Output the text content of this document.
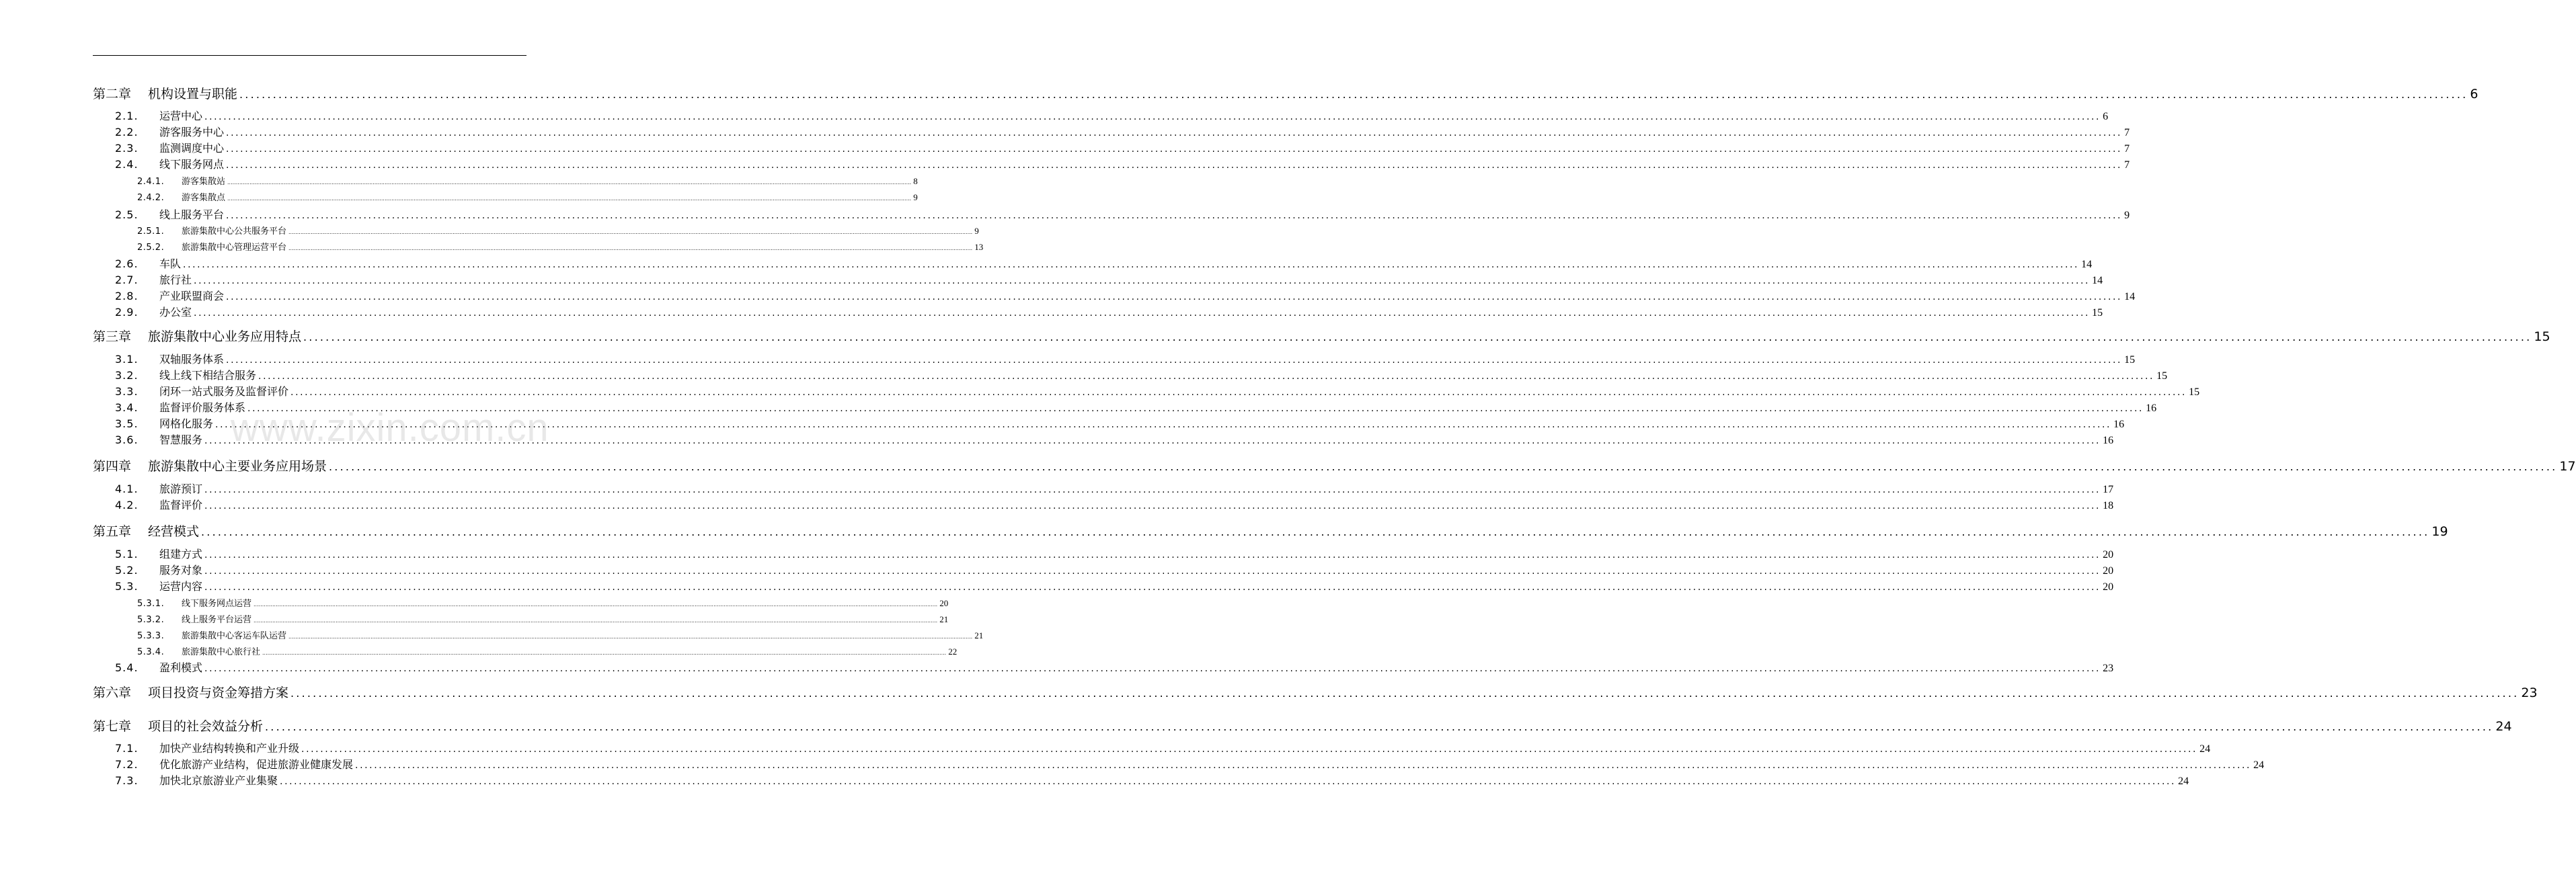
第二章	机构设置与职能 ................................................................................................................................................................................................................................................................................................................................................................................................................ 6
2.1.	运营中心 ................................................................................................................................................................................................................................................................................................................................................................................................................ 6
2.2.	游客服务中心 ................................................................................................................................................................................................................................................................................................................................................................................................................ 7
2.3.	监测调度中心 ................................................................................................................................................................................................................................................................................................................................................................................................................ 7
2.4.	线下服务网点 ................................................................................................................................................................................................................................................................................................................................................................................................................ 7
2.4.1.	游客集散站 ................................................................................................................................................................................................................................................................................................................................................................................................................ 8
2.4.2.	游客集散点 ................................................................................................................................................................................................................................................................................................................................................................................................................ 9
2.5.	线上服务平台 ................................................................................................................................................................................................................................................................................................................................................................................................................ 9
2.5.1.	旅游集散中心公共服务平台 ................................................................................................................................................................................................................................................................................................................................................................................................................ 9
2.5.2.	旅游集散中心管理运营平台 ................................................................................................................................................................................................................................................................................................................................................................................................................ 13
2.6.	车队 ................................................................................................................................................................................................................................................................................................................................................................................................................ 14
2.7.	旅行社 ................................................................................................................................................................................................................................................................................................................................................................................................................ 14
2.8.	产业联盟商会 ................................................................................................................................................................................................................................................................................................................................................................................................................ 14
2.9.	办公室 ................................................................................................................................................................................................................................................................................................................................................................................................................ 15
第三章	旅游集散中心业务应用特点 ................................................................................................................................................................................................................................................................................................................................................................................................................ 15
3.1.	双轴服务体系 ................................................................................................................................................................................................................................................................................................................................................................................................................ 15
3.2.	线上线下相结合服务 ................................................................................................................................................................................................................................................................................................................................................................................................................ 15
3.3.	闭环一站式服务及监督评价 ................................................................................................................................................................................................................................................................................................................................................................................................................ 15
3.4.	监督评价服务体系 ................................................................................................................................................................................................................................................................................................................................................................................................................ 16
3.5.	网格化服务 ................................................................................................................................................................................................................................................................................................................................................................................................................ 16
3.6.	智慧服务 ................................................................................................................................................................................................................................................................................................................................................................................................................ 16
第四章	旅游集散中心主要业务应用场景 ................................................................................................................................................................................................................................................................................................................................................................................................................ 17
4.1.	旅游预订 ................................................................................................................................................................................................................................................................................................................................................................................................................ 17
4.2.	监督评价 ................................................................................................................................................................................................................................................................................................................................................................................................................ 18
第五章	经营模式 ................................................................................................................................................................................................................................................................................................................................................................................................................ 19
5.1.	组建方式 ................................................................................................................................................................................................................................................................................................................................................................................................................ 20
5.2.	服务对象 ................................................................................................................................................................................................................................................................................................................................................................................................................ 20
5.3.	运营内容 ................................................................................................................................................................................................................................................................................................................................................................................................................ 20
5.3.1.	线下服务网点运营 ................................................................................................................................................................................................................................................................................................................................................................................................................ 20
5.3.2.	线上服务平台运营 ................................................................................................................................................................................................................................................................................................................................................................................................................ 21
5.3.3.	旅游集散中心客运车队运营 ................................................................................................................................................................................................................................................................................................................................................................................................................ 21
5.3.4.	旅游集散中心旅行社 ................................................................................................................................................................................................................................................................................................................................................................................................................ 22
5.4.	盈利模式 ................................................................................................................................................................................................................................................................................................................................................................................................................ 23
第六章	项目投资与资金筹措方案 ................................................................................................................................................................................................................................................................................................................................................................................................................ 23
第七章	项目的社会效益分析 ................................................................................................................................................................................................................................................................................................................................................................................................................ 24
7.1.	加快产业结构转换和产业升级 ................................................................................................................................................................................................................................................................................................................................................................................................................ 24
7.2.	优化旅游产业结构，促进旅游业健康发展 ................................................................................................................................................................................................................................................................................................................................................................................................................ 24
7.3.	加快北京旅游业产业集聚 ................................................................................................................................................................................................................................................................................................................................................................................................................ 24
www.zixin.com.cn
